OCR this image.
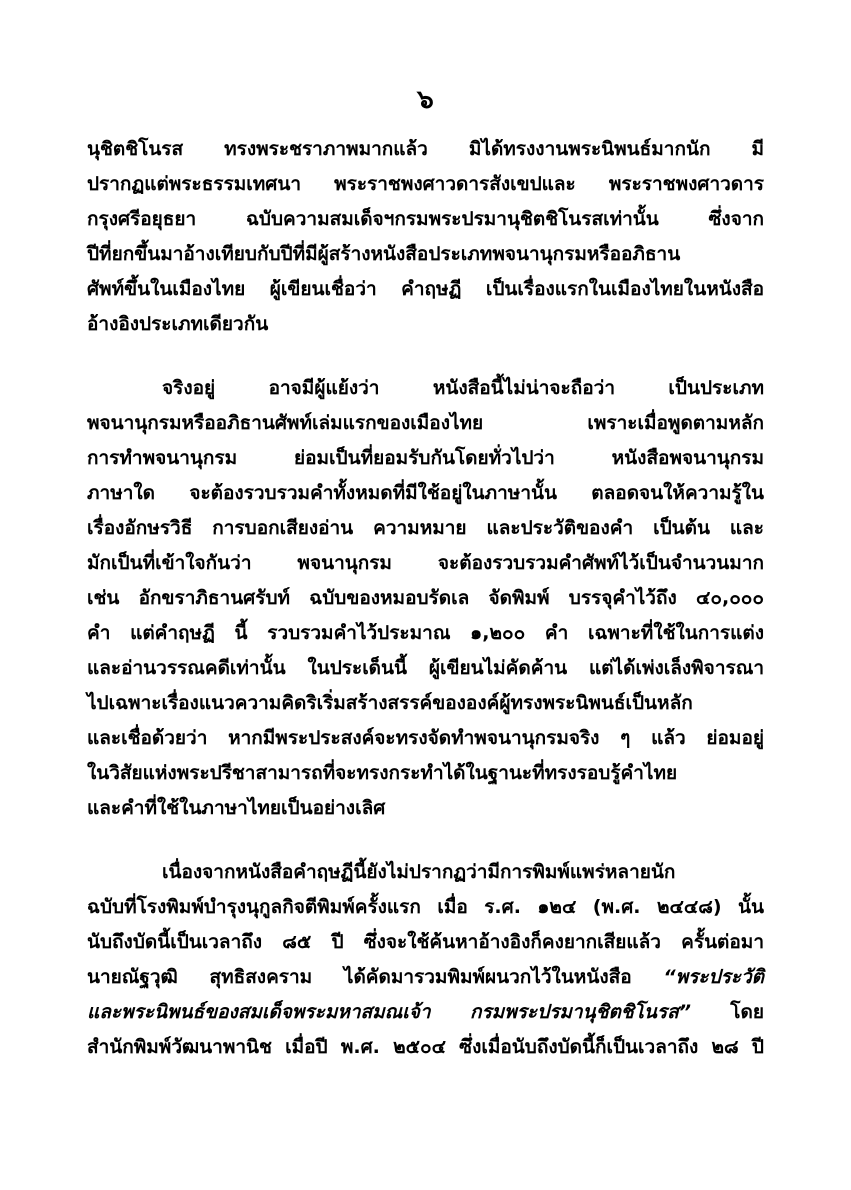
๖

นุชิตชิโนรส ทรงพระชราภาพมากแล้ว มิได้ทรงงานพระนิพนธ์มากนัก มี
ปรากฏแต่พระธรรมเทศนา พระราชพงศาวดารสังเขปและ พระราชพงศาวดาร
กรุงศรีอยุธยา ฉบับความสมเด็จฯกรมพระปรมานุชิตชิโนรสเท่านั้น ซึ่งจาก
ปีที่ยกขึ้นมาอ้างเทียบกับปีที่มีผู้สร้างหนังสือประเภทพจนานุกรมหรืออภิธาน
ศัพท์ขึ้นในเมืองไทย ผู้เขียนเชื่อว่า คำฤษฏี เป็นเรื่องแรกในเมืองไทยในหนังสือ
อ้างอิงประเภทเดียวกัน

จริงอยู่ อาจมีผู้แย้งว่า หนังสือนี้ไม่น่าจะถือว่า เป็นประเภท
พจนานุกรมหรืออภิธานศัพท์เล่มแรกของเมืองไทย เพราะเมื่อพูดตามหลัก
การทำพจนานุกรม ย่อมเป็นที่ยอมรับกันโดยทั่วไปว่า หนังสือพจนานุกรม
ภาษาใด จะต้องรวบรวมคำทั้งหมดที่มีใช้อยู่ในภาษานั้น ตลอดจนให้ความรู้ใน
เรื่องอักษรวิธี การบอกเสียงอ่าน ความหมาย และประวัติของคำ เป็นต้น และ
มักเป็นที่เข้าใจกันว่า พจนานุกรม จะต้องรวบรวมคำศัพท์ไว้เป็นจำนวนมาก
เช่น อักขราภิธานศรับท์ ฉบับของหมอบรัดเล จัดพิมพ์ บรรจุคำไว้ถึง ๔๐,๐๐๐
คำ แต่คำฤษฏี นี้ รวบรวมคำไว้ประมาณ ๑,๒๐๐ คำ เฉพาะที่ใช้ในการแต่ง
และอ่านวรรณคดีเท่านั้น ในประเด็นนี้ ผู้เขียนไม่คัดค้าน แต่ได้เพ่งเล็งพิจารณา
ไปเฉพาะเรื่องแนวความคิดริเริ่มสร้างสรรค์ขององค์ผู้ทรงพระนิพนธ์เป็นหลัก
และเชื่อด้วยว่า หากมีพระประสงค์จะทรงจัดทำพจนานุกรมจริง ๆ แล้ว ย่อมอยู่
ในวิสัยแห่งพระปรีชาสามารถที่จะทรงกระทำได้ในฐานะที่ทรงรอบรู้คำไทย
และคำที่ใช้ในภาษาไทยเป็นอย่างเลิศ

เนื่องจากหนังสือคำฤษฏีนี้ยังไม่ปรากฏว่ามีการพิมพ์แพร่หลายนัก
ฉบับที่โรงพิมพ์บำรุงนุกูลกิจตีพิมพ์ครั้งแรก เมื่อ ร.ศ. ๑๒๔ (พ.ศ. ๒๔๔๘) นั้น
นับถึงบัดนี้เป็นเวลาถึง ๘๕ ปี ซึ่งจะใช้ค้นหาอ้างอิงก็คงยากเสียแล้ว ครั้นต่อมา
นายณัฐวุฒิ สุทธิสงคราม ได้คัดมารวมพิมพ์ผนวกไว้ในหนังสือ “พระประวัติ
และพระนิพนธ์ของสมเด็จพระมหาสมณเจ้า กรมพระปรมานุชิตชิโนรส” โดย
สำนักพิมพ์วัฒนาพานิช เมื่อปี พ.ศ. ๒๕๐๔ ซึ่งเมื่อนับถึงบัดนี้ก็เป็นเวลาถึง ๒๘ ปี
